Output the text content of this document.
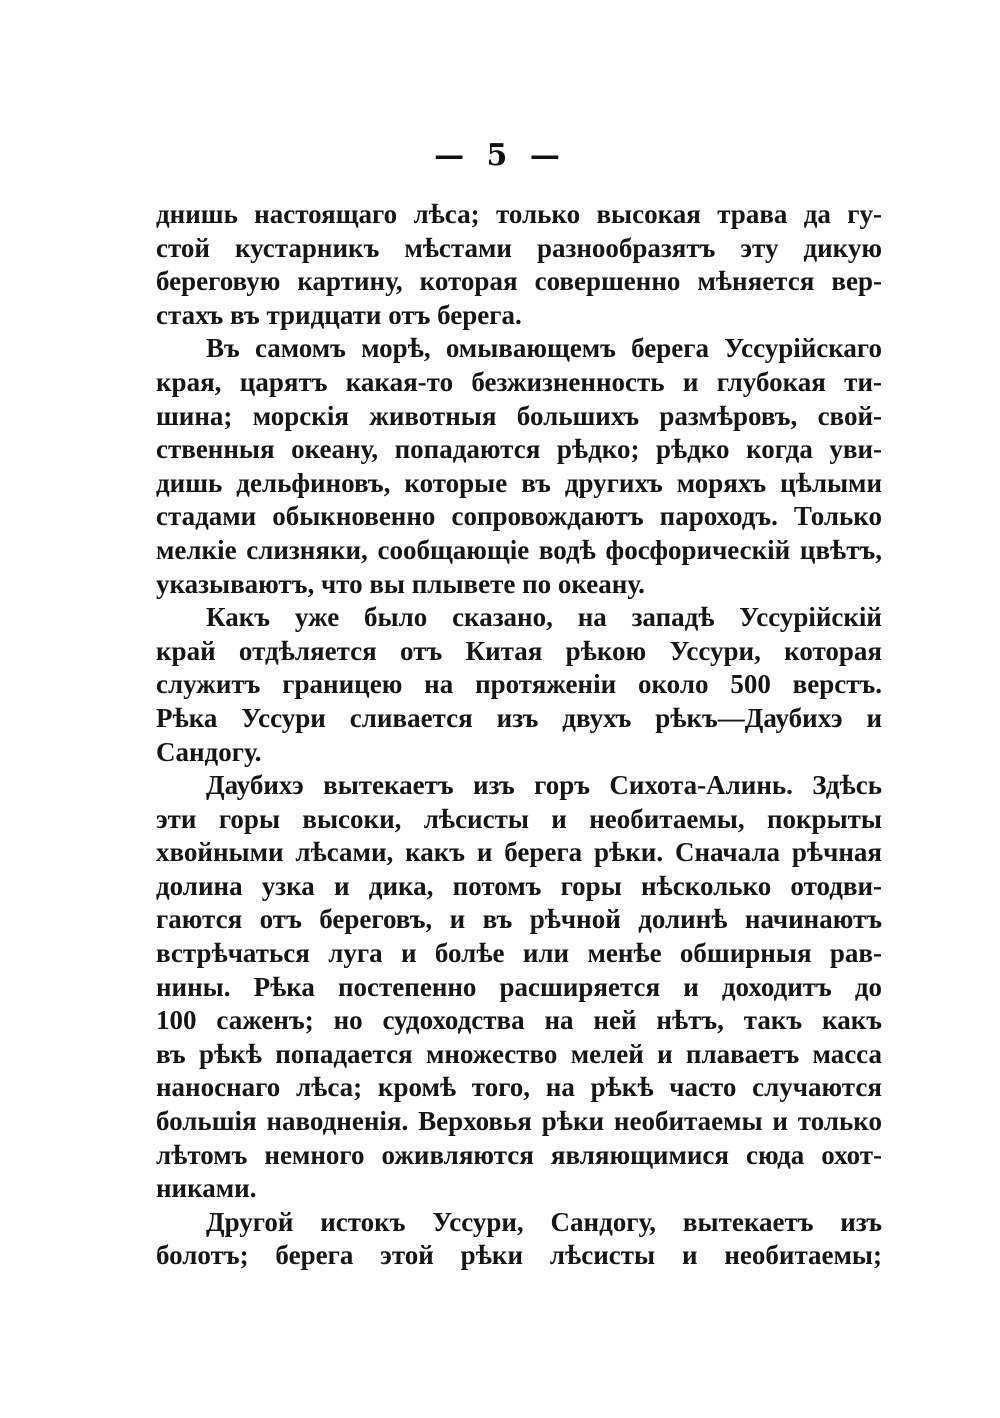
— 5 —
днишь настоящаго лѣса; только высокая трава да гу-
стой кустарникъ мѣстами разнообразятъ эту дикую
береговую картину, которая совершенно мѣняется вер-
стахъ въ тридцати отъ берега.
Въ самомъ морѣ, омывающемъ берега Уссурійскаго
края, царятъ какая-то безжизненность и глубокая ти-
шина; морскія животныя большихъ размѣровъ, свой-
ственныя океану, попадаются рѣдко; рѣдко когда уви-
дишь дельфиновъ, которые въ другихъ моряхъ цѣлыми
стадами обыкновенно сопровождаютъ пароходъ. Только
мелкіе слизняки, сообщающіе водѣ фосфорическій цвѣтъ,
указываютъ, что вы плывете по океану.
Какъ уже было сказано, на западѣ Уссурійскій
край отдѣляется отъ Китая рѣкою Уссури, которая
служитъ границею на протяженіи около 500 верстъ.
Рѣка Уссури сливается изъ двухъ рѣкъ—Даубихэ и
Сандогу.
Даубихэ вытекаетъ изъ горъ Сихота-Алинь. Здѣсь
эти горы высоки, лѣсисты и необитаемы, покрыты
хвойными лѣсами, какъ и берега рѣки. Сначала рѣчная
долина узка и дика, потомъ горы нѣсколько отодви-
гаются отъ береговъ, и въ рѣчной долинѣ начинаютъ
встрѣчаться луга и болѣе или менѣе обширныя рав-
нины. Рѣка постепенно расширяется и доходитъ до
100 саженъ; но судоходства на ней нѣтъ, такъ какъ
въ рѣкѣ попадается множество мелей и плаваетъ масса
наноснаго лѣса; кромѣ того, на рѣкѣ часто случаются
большія наводненія. Верховья рѣки необитаемы и только
лѣтомъ немного оживляются являющимися сюда охот-
никами.
Другой истокъ Уссури, Сандогу, вытекаетъ изъ
болотъ; берега этой рѣки лѣсисты и необитаемы;
